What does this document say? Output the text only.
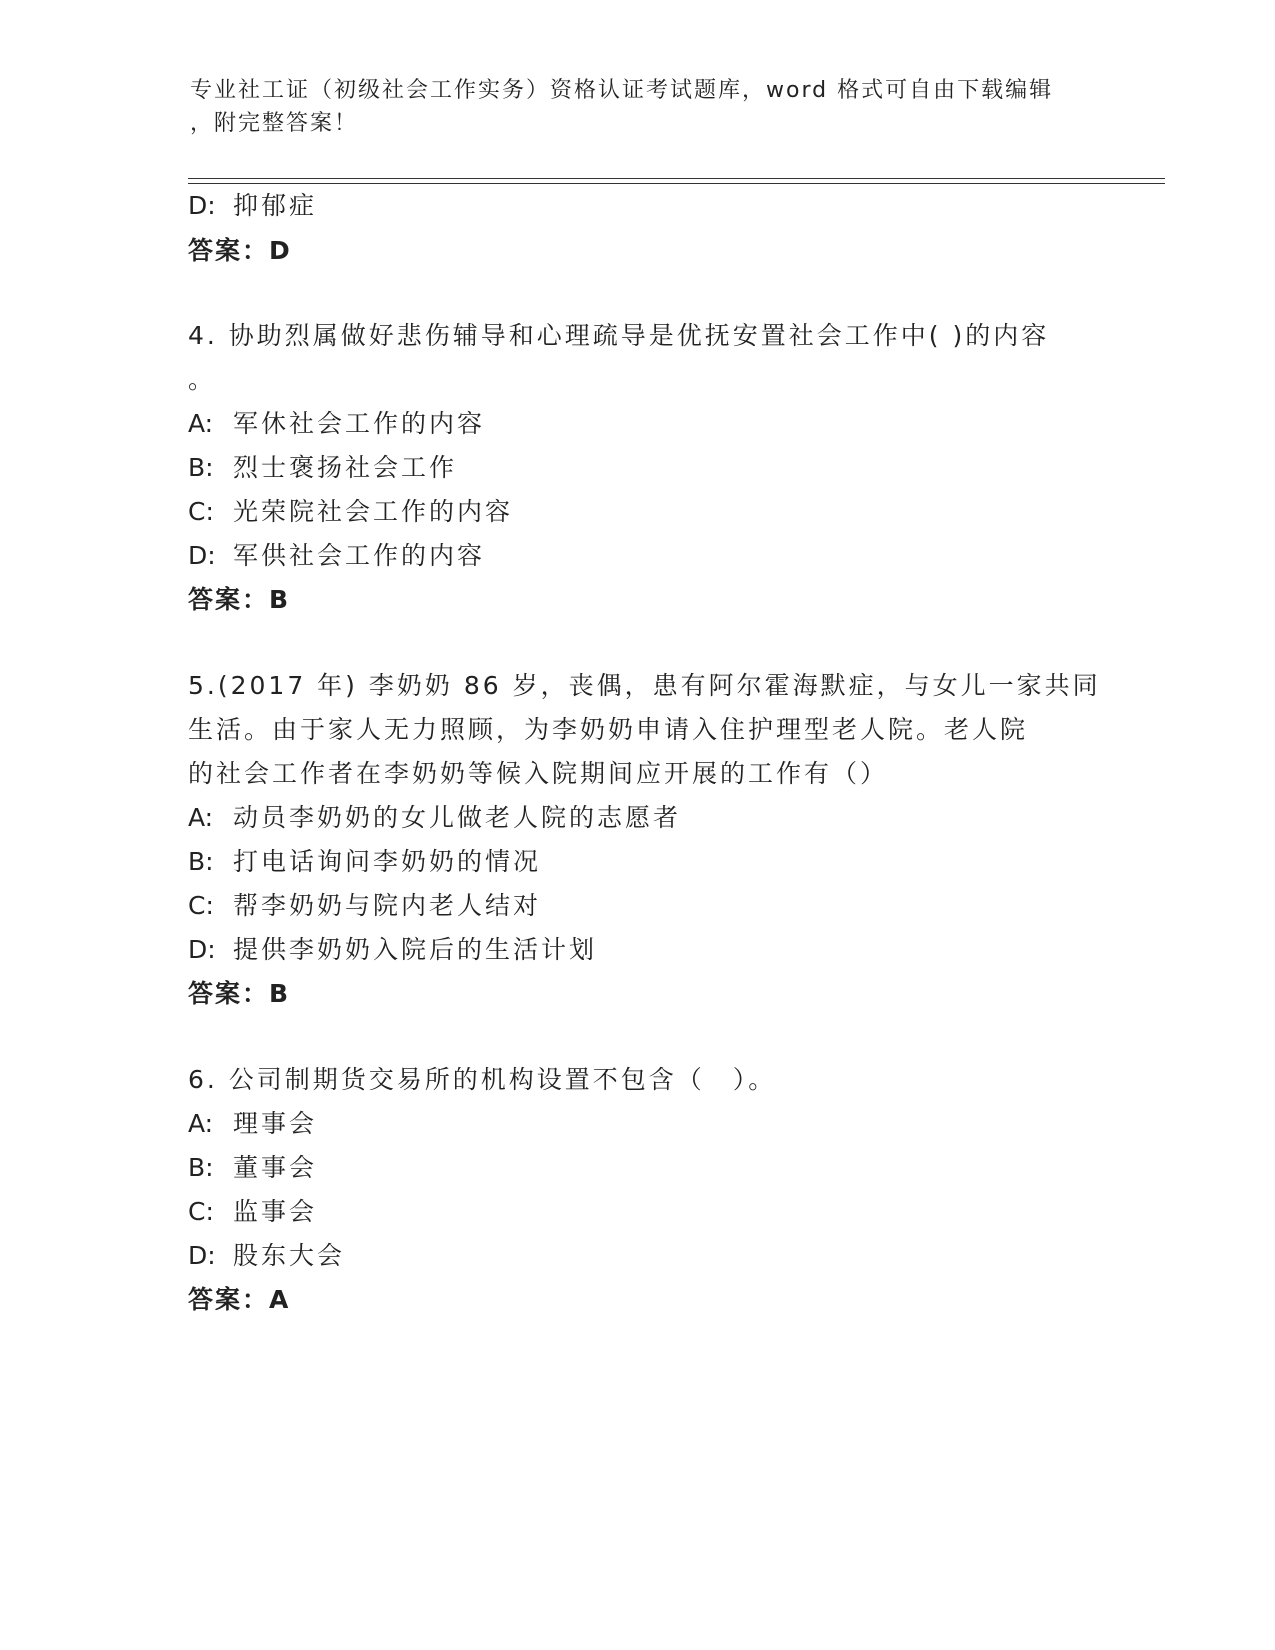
专业社工证（初级社会工作实务）资格认证考试题库，word 格式可自由下载编辑
，附完整答案！
D: 抑郁症
答案：D
4. 协助烈属做好悲伤辅导和心理疏导是优抚安置社会工作中( )的内容
。
A: 军休社会工作的内容
B: 烈士褒扬社会工作
C: 光荣院社会工作的内容
D: 军供社会工作的内容
答案：B
5.(2017 年) 李奶奶 86 岁，丧偶，患有阿尔霍海默症，与女儿一家共同
生活。由于家人无力照顾，为李奶奶申请入住护理型老人院。老人院
的社会工作者在李奶奶等候入院期间应开展的工作有（）
A: 动员李奶奶的女儿做老人院的志愿者
B: 打电话询问李奶奶的情况
C: 帮李奶奶与院内老人结对
D: 提供李奶奶入院后的生活计划
答案：B
6. 公司制期货交易所的机构设置不包含（　）。
A: 理事会
B: 董事会
C: 监事会
D: 股东大会
答案：A
